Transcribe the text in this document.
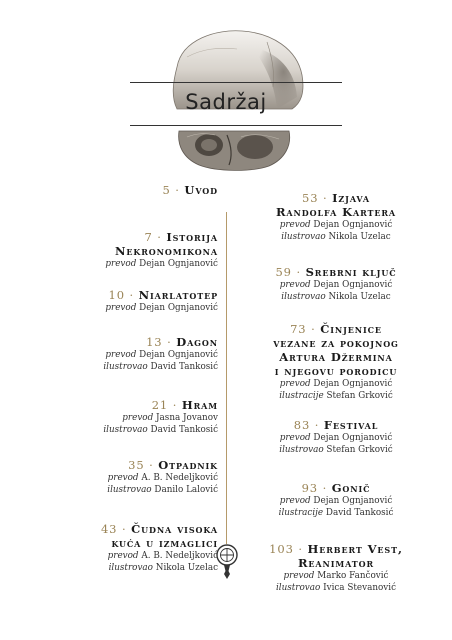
Sadržaj
5 · Uvod
7 · Istorija
Nekronomikona
prevod Dejan Ognjanović
10 · Niarlatotep
prevod Dejan Ognjanović
13 · Dagon
prevod Dejan Ognjanović
ilustrovao David Tankosić
21 · Hram
prevod Jasna Jovanov
ilustrovao David Tankosić
35 · Otpadnik
prevod A. B. Nedeljković
ilustrovao Danilo Lalović
43 · Čudna visoka
kuća u izmaglici
prevod A. B. Nedeljković
ilustrovao Nikola Uzelac
53 · Izjava
Randolfa Kartera
prevod Dejan Ognjanović
ilustrovao Nikola Uzelac
59 · Srebrni ključ
prevod Dejan Ognjanović
ilustrovao Nikola Uzelac
73 · Činjenice
vezane za pokojnog
Artura Džermina
i njegovu porodicu
prevod Dejan Ognjanović
ilustracije Stefan Grković
83 · Festival
prevod Dejan Ognjanović
ilustrovao Stefan Grković
93 · Gonič
prevod Dejan Ognjanović
ilustracije David Tankosić
103 · Herbert Vest,
Reanimator
prevod Marko Fančović
ilustrovao Ivica Stevanović
